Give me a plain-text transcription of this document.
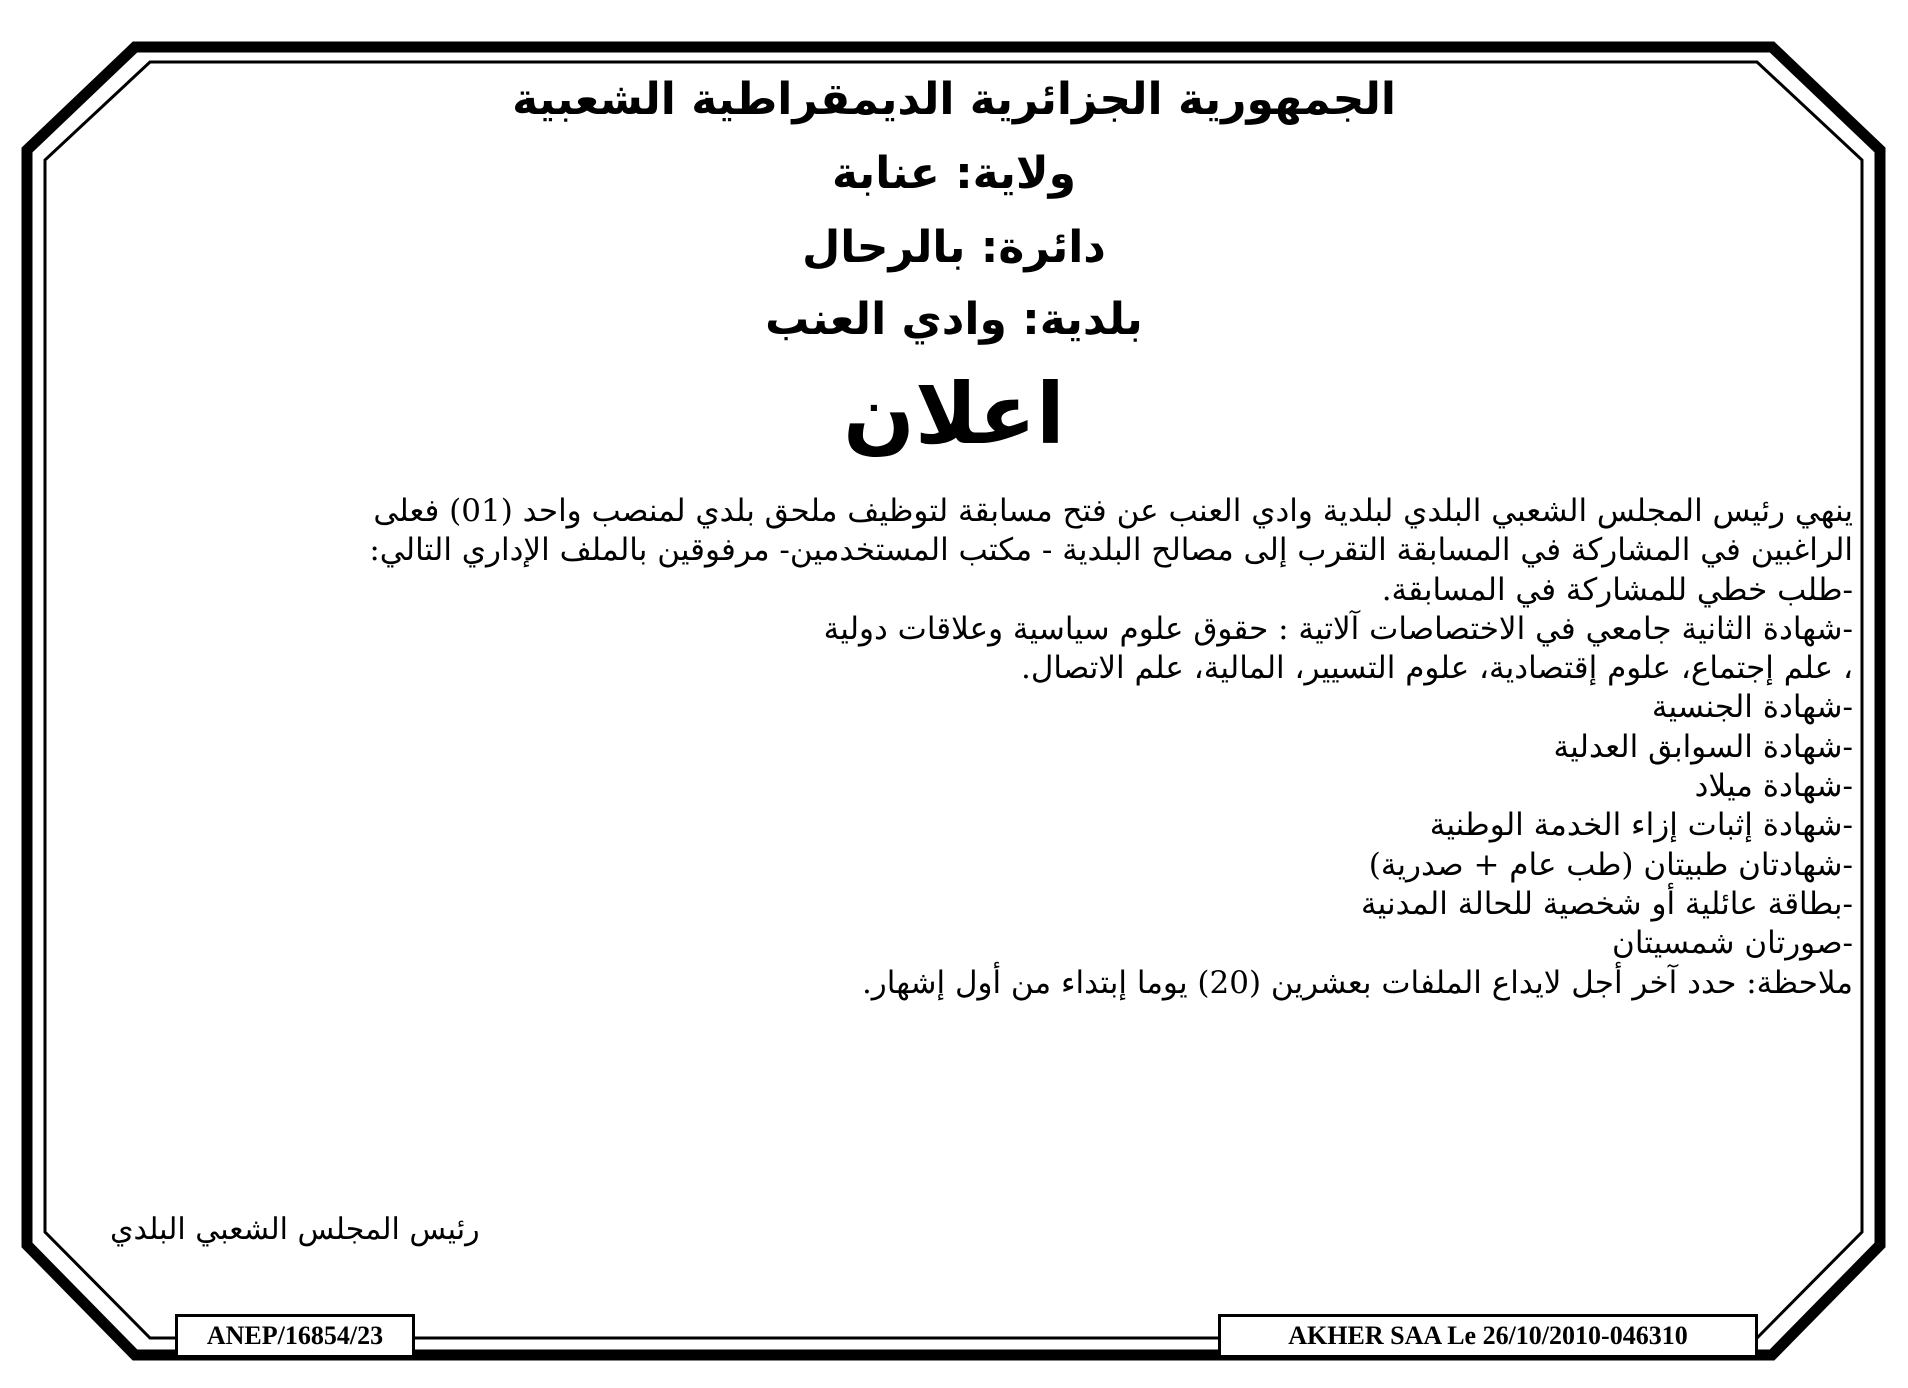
الجمهورية الجزائرية الديمقراطية الشعبية
ولاية: عنابة
دائرة: بالرحال
بلدية: وادي العنب
اعلان
ينهي رئيس المجلس الشعبي البلدي لبلدية وادي العنب عن فتح مسابقة لتوظيف ملحق بلدي لمنصب واحد (01) فعلى
الراغبين في المشاركة في المسابقة التقرب إلى مصالح البلدية - مكتب المستخدمين- مرفوقين بالملف الإداري التالي:
-طلب خطي للمشاركة في المسابقة.
-شهادة الثانية جامعي في الاختصاصات آلاتية : حقوق علوم سياسية وعلاقات دولية
، علم إجتماع، علوم إقتصادية، علوم التسيير، المالية، علم الاتصال.
-شهادة الجنسية
-شهادة السوابق العدلية
-شهادة ميلاد
-شهادة إثبات إزاء الخدمة الوطنية
-شهادتان طبيتان (طب عام + صدرية)
-بطاقة عائلية أو شخصية للحالة المدنية
-صورتان شمسيتان
ملاحظة: حدد آخر أجل لايداع الملفات بعشرين (20) يوما إبتداء من أول إشهار.
رئيس المجلس الشعبي البلدي
ANEP/16854/23	AKHER SAA Le 26/10/2010-046310
